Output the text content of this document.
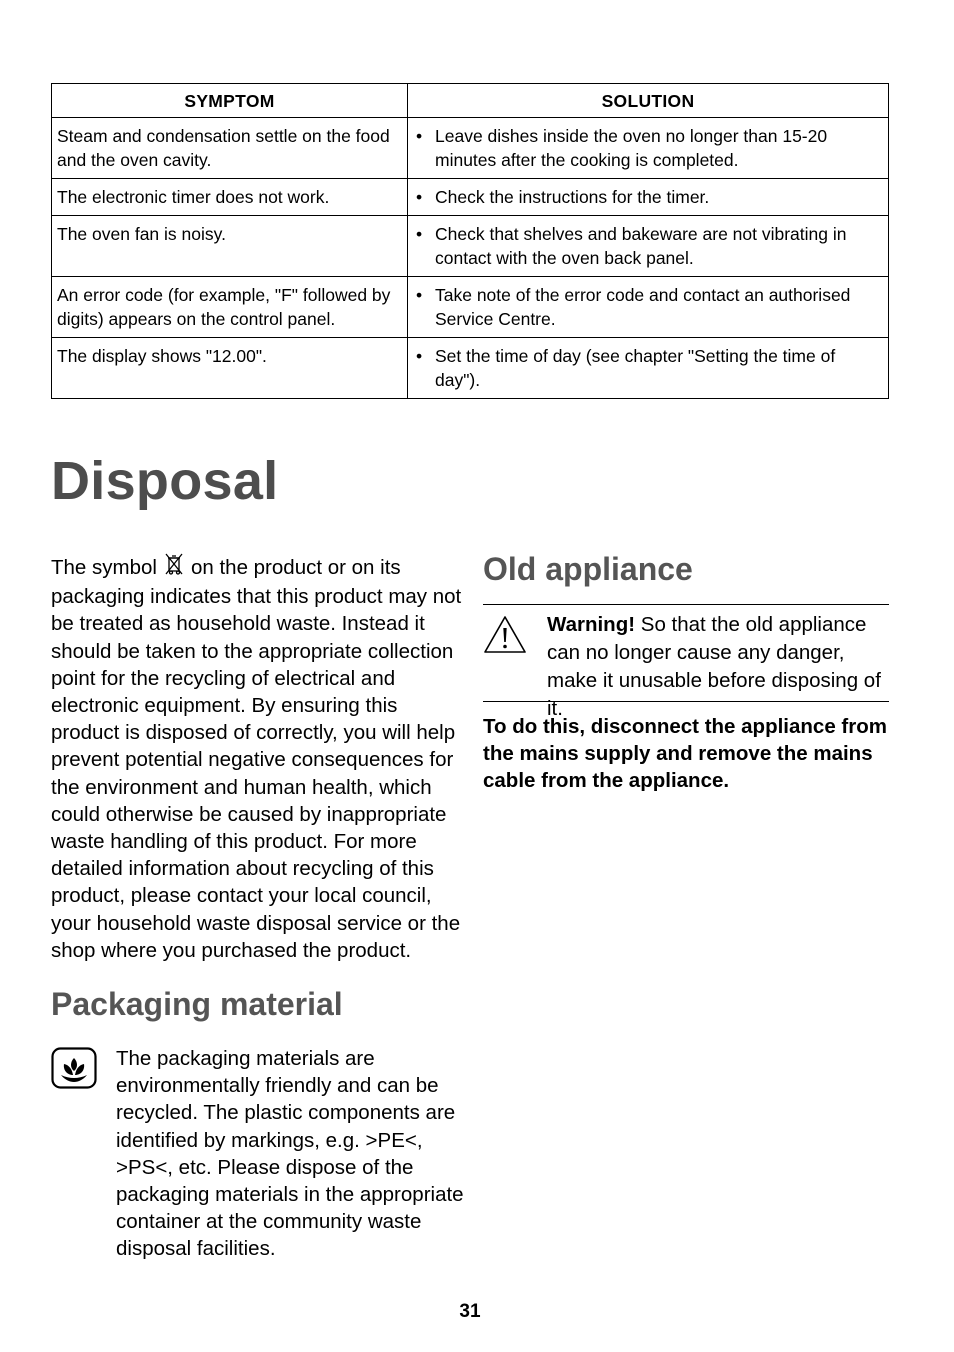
SYMPTOM	SOLUTION
Steam and condensation settle on the food and the oven cavity.	• Leave dishes inside the oven no longer than 15-20 minutes after the cooking is completed.

The electronic timer does not work.	• Check the instructions for the timer.

The oven fan is noisy.	• Check that shelves and bakeware are not vibrating in contact with the oven back panel.

An error code (for example, "F" followed by digits) appears on the control panel.	• Take note of the error code and contact an authorised Service Centre.

The display shows "12.00".	• Set the time of day (see chapter "Setting the time of day").
Disposal
The symbol on the product or on its packaging indicates that this product may not be treated as household waste. Instead it should be taken to the appropriate collection point for the recycling of electrical and electronic equipment. By ensuring this product is disposed of correctly, you will help prevent potential negative consequences for the environment and human health, which could otherwise be caused by inappropriate waste handling of this product. For more detailed information about recycling of this product, please contact your local council, your household waste disposal service or the shop where you purchased the product.
Packaging material
The packaging materials are environmentally friendly and can be recycled. The plastic components are identified by markings, e.g. >PE<, >PS<, etc. Please dispose of the packaging materials in the appropriate container at the community waste disposal facilities.
Old appliance
Warning! So that the old appliance can no longer cause any danger, make it unusable before disposing of it.
To do this, disconnect the appliance from the mains supply and remove the mains cable from the appliance.
31
